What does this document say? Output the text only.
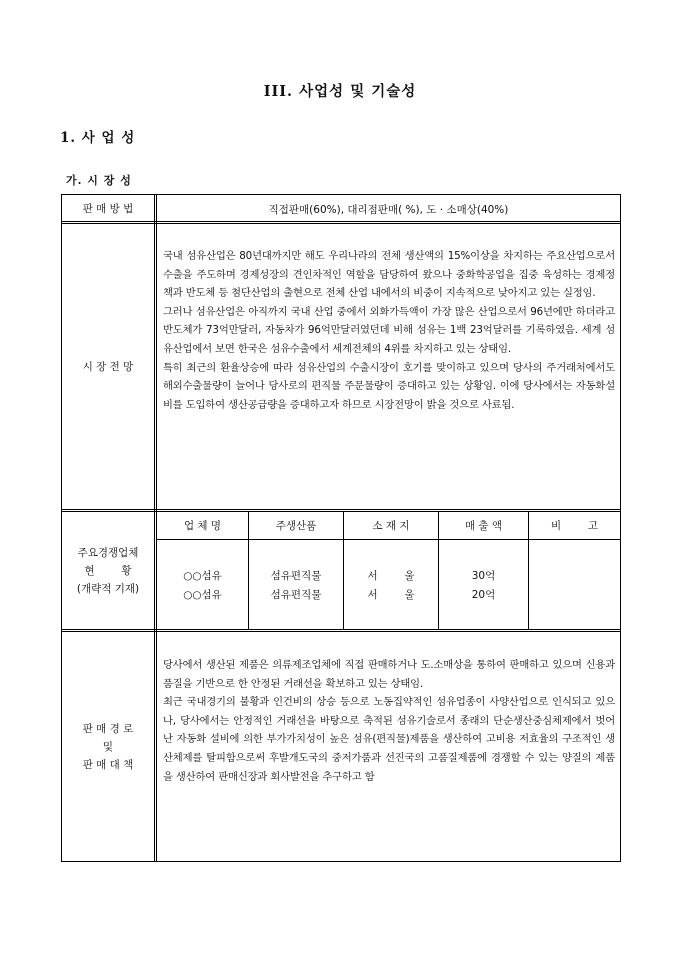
III. 사업성 및 기술성
1. 사 업 성
가. 시 장 성
판 매 방 법	직접판매(60%), 대리점판매( %), 도 · 소매상(40%)
시 장 전 망

국내 섬유산업은 80년대까지만 해도 우리나라의 전체 생산액의 15%이상을 차지하는 주요산업으로서 수출을 주도하며 경제성장의 견인차적인 역할을 담당하여 왔으나 중화학공업을 집중 육성하는 경제정책과 반도체 등 첨단산업의 출현으로 전체 산업 내에서의 비중이 지속적으로 낮아지고 있는 실정임.

그러나 섬유산업은 아직까지 국내 산업 중에서 외화가득액이 가장 많은 산업으로서 96년에만 하더라고 반도체가 73억만달러, 자동차가 96억만달러였던데 비해 섬유는 1백 23억달러를 기록하였음. 세계 섬유산업에서 보면 한국은 섬유수출에서 세계전체의 4위를 차지하고 있는 상태임.

특히 최근의 환율상승에 따라 섬유산업의 수출시장이 호기를 맞이하고 있으며 당사의 주거래처에서도 해외수출물량이 늘어나 당사로의 편직물 주문물량이 증대하고 있는 상황임. 이에 당사에서는 자동화설비를 도입하여 생산공급량을 증대하고자 하므로 시장전망이 밝을 것으로 사료됨.

주요경쟁업체
현        황
(개략적 기재)
업 체 명	주생산품	소 재 지	매 출 액	비        고
○○섬유	섬유편직물	서        울	30억
○○섬유	섬유편직물	서        울	20억
판 매 경 로
및
판 매 대 책

당사에서 생산된 제품은 의류제조업체에 직접 판매하거나 도.소매상을 통하여 판매하고 있으며 신용과 품질을 기반으로 한 안정된 거래선을 확보하고 있는 상태임.

최근 국내경기의 불황과 인건비의 상승 등으로 노동집약적인 섬유업종이 사양산업으로 인식되고 있으나, 당사에서는 안정적인 거래선을 바탕으로 축적된 섬유기술로서 종래의 단순생산중심체제에서 벗어난 자동화 설비에 의한 부가가치성이 높은 섬유(편직물)제품을 생산하여 고비용 저효율의 구조적인 생산체제를 탈피함으로써 후발개도국의 중저가품과 선진국의 고품질제품에 경쟁할 수 있는 양질의 제품을 생산하여 판매신장과 회사발전을 추구하고 함
